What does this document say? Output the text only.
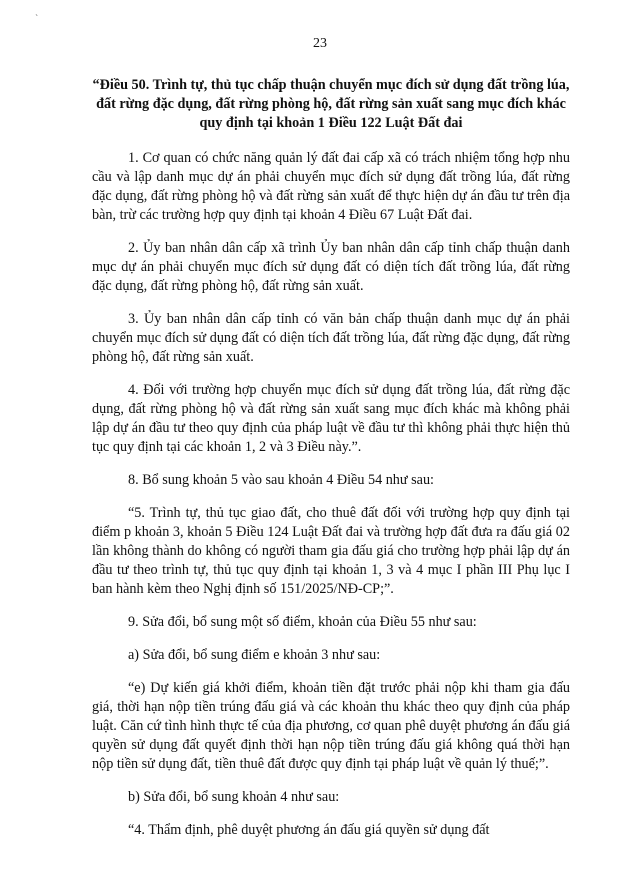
23

“Điều 50. Trình tự, thủ tục chấp thuận chuyển mục đích sử dụng đất trồng lúa, đất rừng đặc dụng, đất rừng phòng hộ, đất rừng sản xuất sang mục đích khác quy định tại khoản 1 Điều 122 Luật Đất đai

1. Cơ quan có chức năng quản lý đất đai cấp xã có trách nhiệm tổng hợp nhu cầu và lập danh mục dự án phải chuyển mục đích sử dụng đất trồng lúa, đất rừng đặc dụng, đất rừng phòng hộ và đất rừng sản xuất để thực hiện dự án đầu tư trên địa bàn, trừ các trường hợp quy định tại khoản 4 Điều 67 Luật Đất đai.

2. Ủy ban nhân dân cấp xã trình Ủy ban nhân dân cấp tỉnh chấp thuận danh mục dự án phải chuyển mục đích sử dụng đất có diện tích đất trồng lúa, đất rừng đặc dụng, đất rừng phòng hộ, đất rừng sản xuất.

3. Ủy ban nhân dân cấp tỉnh có văn bản chấp thuận danh mục dự án phải chuyển mục đích sử dụng đất có diện tích đất trồng lúa, đất rừng đặc dụng, đất rừng phòng hộ, đất rừng sản xuất.

4. Đối với trường hợp chuyển mục đích sử dụng đất trồng lúa, đất rừng đặc dụng, đất rừng phòng hộ và đất rừng sản xuất sang mục đích khác mà không phải lập dự án đầu tư theo quy định của pháp luật về đầu tư thì không phải thực hiện thủ tục quy định tại các khoản 1, 2 và 3 Điều này.”.

8. Bổ sung khoản 5 vào sau khoản 4 Điều 54 như sau:

“5. Trình tự, thủ tục giao đất, cho thuê đất đối với trường hợp quy định tại điểm p khoản 3, khoản 5 Điều 124 Luật Đất đai và trường hợp đất đưa ra đấu giá 02 lần không thành do không có người tham gia đấu giá cho trường hợp phải lập dự án đầu tư theo trình tự, thủ tục quy định tại khoản 1, 3 và 4 mục I phần III Phụ lục I ban hành kèm theo Nghị định số 151/2025/NĐ-CP;”.

9. Sửa đổi, bổ sung một số điểm, khoản của Điều 55 như sau:

a) Sửa đổi, bổ sung điểm e khoản 3 như sau:

“e) Dự kiến giá khởi điểm, khoản tiền đặt trước phải nộp khi tham gia đấu giá, thời hạn nộp tiền trúng đấu giá và các khoản thu khác theo quy định của pháp luật. Căn cứ tình hình thực tế của địa phương, cơ quan phê duyệt phương án đấu giá quyền sử dụng đất quyết định thời hạn nộp tiền trúng đấu giá không quá thời hạn nộp tiền sử dụng đất, tiền thuê đất được quy định tại pháp luật về quản lý thuế;”.

b) Sửa đổi, bổ sung khoản 4 như sau:

“4. Thẩm định, phê duyệt phương án đấu giá quyền sử dụng đất
